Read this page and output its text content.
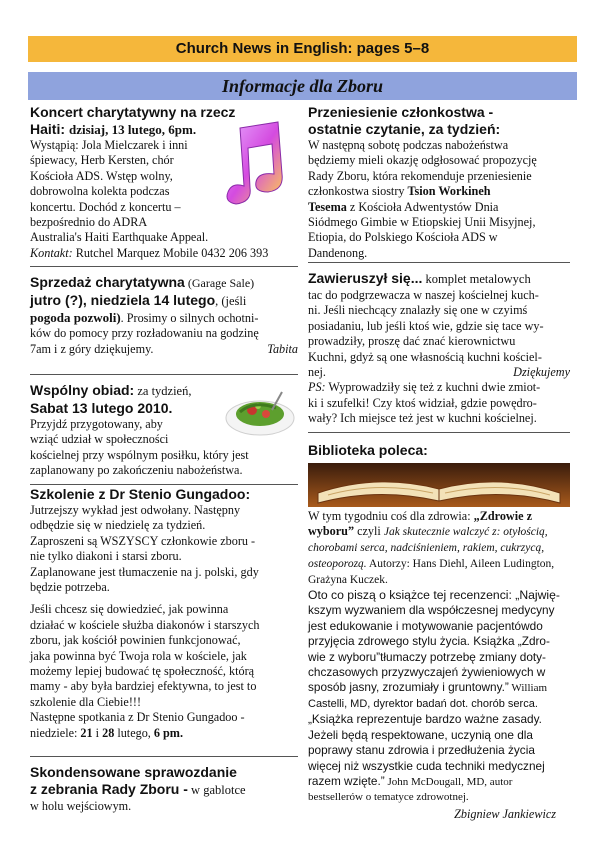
Church News in English: pages 5–8
Informacje dla Zboru
Koncert charytatywny na rzecz
Haiti: dzisiaj, 13 lutego, 6pm.

Wystąpią: Jola Mielczarek i inni

śpiewacy, Herb Kersten, chór

Kościoła ADS. Wstęp wolny,

dobrowolna kolekta podczas

koncertu. Dochód z koncertu –

bezpośrednio do ADRA

Australia's Haiti Earthquake Appeal.

Kontakt: Rutchel Marquez Mobile 0432 206 393

Sprzedaż charytatywna (Garage Sale)
jutro (?), niedziela 14 lutego, (jeśli

pogoda pozwoli). Prosimy o silnych ochotni-

ków do pomocy przy rozładowaniu na godzinę

7am i z góry dziękujemy.	Tabita

Wspólny obiad: za tydzień,
Sabat 13 lutego 2010.

Przyjdź przygotowany, aby

wziąć udział w społeczności

kościelnej przy wspólnym posiłku, który jest

zaplanowany po zakończeniu nabożeństwa.

Szkolenie z Dr Stenio Gungadoo:

Jutrzejszy wykład jest odwołany. Następny

odbędzie się w niedzielę za tydzień.

Zaproszeni są WSZYSCY członkowie zboru -

nie tylko diakoni i starsi zboru.

Zaplanowane jest tłumaczenie na j. polski, gdy

będzie potrzeba.

Jeśli chcesz się dowiedzieć, jak powinna

działać w kościele służba diakonów i starszych

zboru, jak kościół powinien funkcjonować,

jaka powinna być Twoja rola w kościele, jak

możemy lepiej budować tę społeczność, którą

mamy - aby była bardziej efektywna, to jest to

szkolenie dla Ciebie!!!

Następne spotkania z Dr Stenio Gungadoo -

niedziele: 21 i 28 lutego, 6 pm.

Skondensowane sprawozdanie
z zebrania Rady Zboru - w gablotce

w holu wejściowym.

Przeniesienie członkostwa -
ostatnie czytanie, za tydzień:

W następną sobotę podczas nabożeństwa

będziemy mieli okazję odgłosować propozycję

Rady Zboru, która rekomenduje przeniesienie

członkostwa siostry Tsion Workineh

Tesema z Kościoła Adwentystów Dnia

Siódmego Gimbie w Etiopskiej Unii Misyjnej,

Etiopia, do Polskiego Kościoła ADS w

Dandenong.

Zawieruszył się... komplet metalowych

tac do podgrzewacza w naszej kościelnej kuch-

ni. Jeśli niechcący znalazły się one w czyimś

posiadaniu, lub jeśli ktoś wie, gdzie się tace wy-

prowadziły, proszę dać znać kierownictwu

Kuchni, gdyż są one własnością kuchni kościel-

nej.	Dziękujemy

PS: Wyprowadziły się też z kuchni dwie zmiot-

ki i szufelki! Czy ktoś widział, gdzie powędro-

wały? Ich miejsce też jest w kuchni kościelnej.

Biblioteka poleca:

W tym tygodniu coś dla zdrowia: „Zdrowie z

wyboru” czyli Jak skutecznie walczyć z: otyłością,

chorobami serca, nadciśnieniem, rakiem, cukrzycą,

osteoporozą. Autorzy: Hans Diehl, Aileen Ludington,

Grażyna Kuczek.

Oto co piszą o książce tej recenzenci: „Najwię-

kszym wyzwaniem dla współczesnej medycyny

jest edukowanie i motywowanie pacjentówdo

przyjęcia zdrowego stylu życia. Książka „Zdro-

wie z wyboru”tłumaczy potrzebę zmiany doty-

chczasowych przyzwyczajeń żywieniowych w

sposób jasny, zrozumiały i gruntowny.” William

Castelli, MD, dyrektor badań dot. chorób serca.

„Książka reprezentuje bardzo ważne zasady.

Jeżeli będą respektowane, uczynią one dla

poprawy stanu zdrowia i przedłużenia życia

więcej niż wszystkie cuda techniki medycznej

razem wzięte.” John McDougall, MD, autor

bestsellerów o tematyce zdrowotnej.

Zbigniew Jankiewicz
